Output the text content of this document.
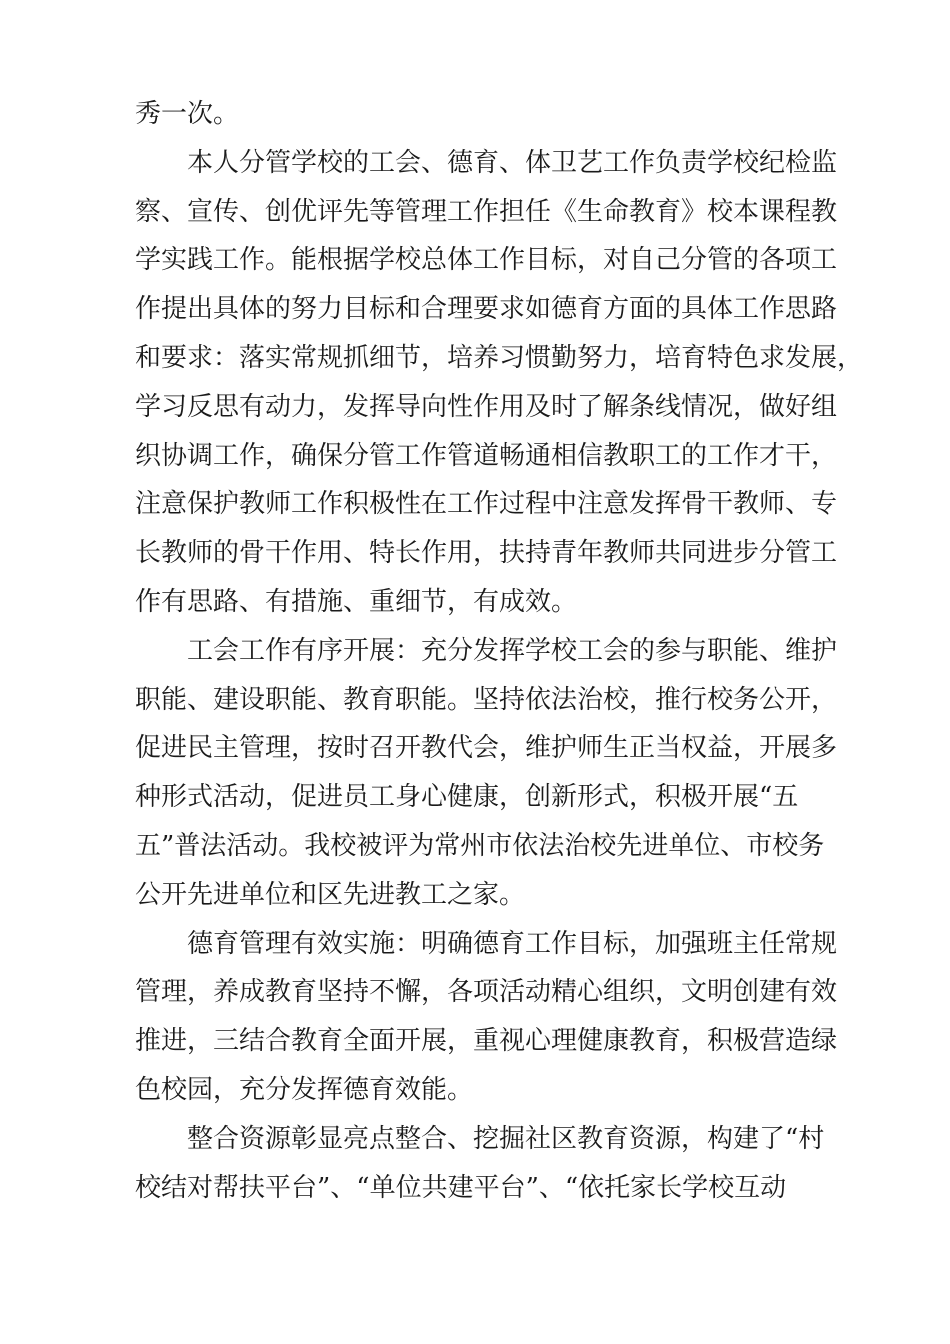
秀一次。
本人分管学校的工会、德育、体卫艺工作负责学校纪检监
察、宣传、创优评先等管理工作担任《生命教育》校本课程教
学实践工作。能根据学校总体工作目标，对自己分管的各项工
作提出具体的努力目标和合理要求如德育方面的具体工作思路
和要求：落实常规抓细节，培养习惯勤努力，培育特色求发展，
学习反思有动力，发挥导向性作用及时了解条线情况，做好组
织协调工作，确保分管工作管道畅通相信教职工的工作才干，
注意保护教师工作积极性在工作过程中注意发挥骨干教师、专
长教师的骨干作用、特长作用，扶持青年教师共同进步分管工
作有思路、有措施、重细节，有成效。
工会工作有序开展：充分发挥学校工会的参与职能、维护
职能、建设职能、教育职能。坚持依法治校，推行校务公开，
促进民主管理，按时召开教代会，维护师生正当权益，开展多
种形式活动，促进员工身心健康，创新形式，积极开展“五
五”普法活动。我校被评为常州市依法治校先进单位、市校务
公开先进单位和区先进教工之家。
德育管理有效实施：明确德育工作目标，加强班主任常规
管理，养成教育坚持不懈，各项活动精心组织，文明创建有效
推进，三结合教育全面开展，重视心理健康教育，积极营造绿
色校园，充分发挥德育效能。
整合资源彰显亮点整合、挖掘社区教育资源，构建了“村
校结对帮扶平台”、“单位共建平台”、“依托家长学校互动
